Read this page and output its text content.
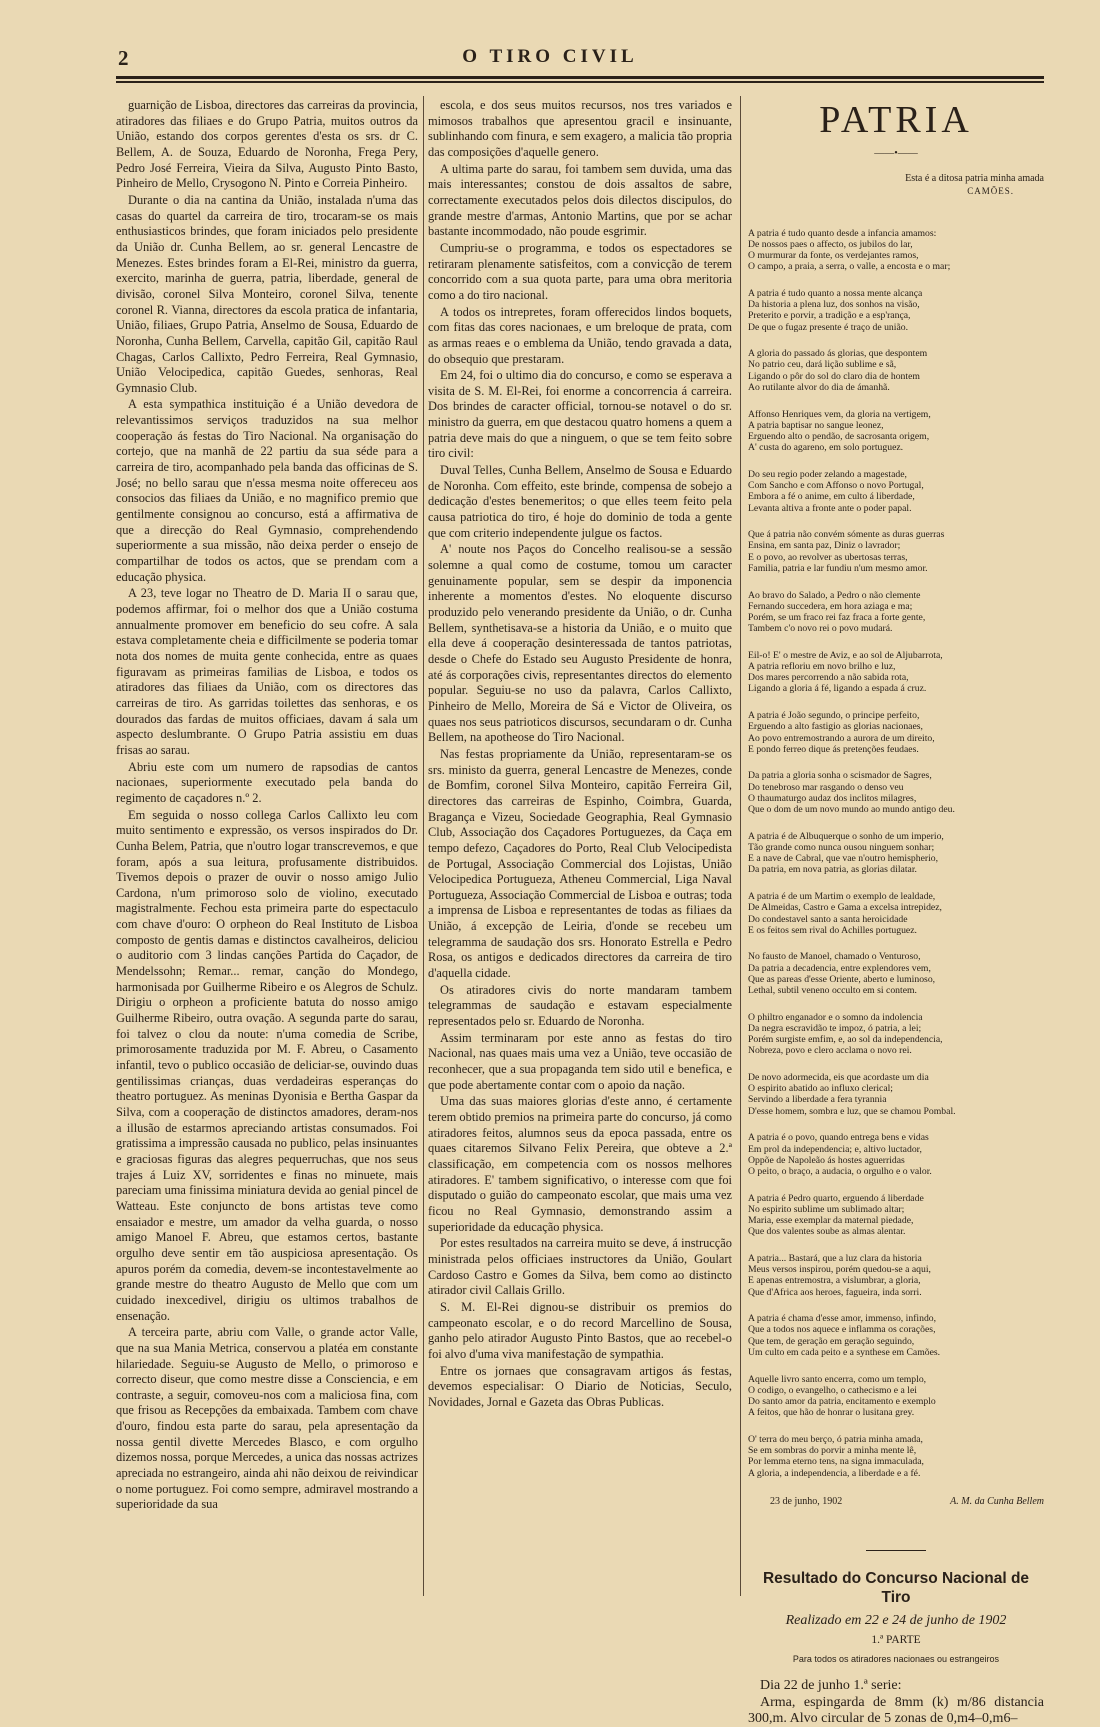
2	O TIRO CIVIL

guarnição de Lisboa, directores das carreiras da provincia, atiradores das filiaes e do Grupo Patria, muitos outros da União, estando dos corpos gerentes d'esta os srs. dr C. Bellem, A. de Souza, Eduardo de Noronha, Frega Pery, Pedro José Ferreira, Vieira da Silva, Augusto Pinto Basto, Pinheiro de Mello, Crysogono N. Pinto e Correia Pinheiro.

Durante o dia na cantina da União, instalada n'uma das casas do quartel da carreira de tiro, trocaram-se os mais enthusiasticos brindes, que foram iniciados pelo presidente da União dr. Cunha Bellem, ao sr. general Lencastre de Menezes. Estes brindes foram a El-Rei, ministro da guerra, exercito, marinha de guerra, patria, liberdade, general de divisão, coronel Silva Monteiro, coronel Silva, tenente coronel R. Vianna, directores da escola pratica de infantaria, União, filiaes, Grupo Patria, Anselmo de Sousa, Eduardo de Noronha, Cunha Bellem, Carvella, capitão Gil, capitão Raul Chagas, Carlos Callixto, Pedro Ferreira, Real Gymnasio, União Velocipedica, capitão Guedes, senhoras, Real Gymnasio Club.

A esta sympathica instituição é a União devedora de relevantissimos serviços traduzidos na sua melhor cooperação ás festas do Tiro Nacional. Na organisação do cortejo, que na manhã de 22 partiu da sua séde para a carreira de tiro, acompanhado pela banda das officinas de S. José; no bello sarau que n'essa mesma noite offereceu aos consocios das filiaes da União, e no magnifico premio que gentilmente consignou ao concurso, está a affirmativa de que a direcção do Real Gymnasio, comprehendendo superiormente a sua missão, não deixa perder o ensejo de compartilhar de todos os actos, que se prendam com a educação physica.

A 23, teve logar no Theatro de D. Maria II o sarau que, podemos affirmar, foi o melhor dos que a União costuma annualmente promover em beneficio do seu cofre. A sala estava completamente cheia e difficilmente se poderia tomar nota dos nomes de muita gente conhecida, entre as quaes figuravam as primeiras familias de Lisboa, e todos os atiradores das filiaes da União, com os directores das carreiras de tiro. As garridas toilettes das senhoras, e os dourados das fardas de muitos officiaes, davam á sala um aspecto deslumbrante. O Grupo Patria assistiu em duas frisas ao sarau.

Abriu este com um numero de rapsodias de cantos nacionaes, superiormente executado pela banda do regimento de caçadores n.º 2.

Em seguida o nosso collega Carlos Callixto leu com muito sentimento e expressão, os versos inspirados do Dr. Cunha Belem, Patria, que n'outro logar transcrevemos, e que foram, após a sua leitura, profusamente distribuidos. Tivemos depois o prazer de ouvir o nosso amigo Julio Cardona, n'um primoroso solo de violino, executado magistralmente. Fechou esta primeira parte do espectaculo com chave d'ouro: O orpheon do Real Instituto de Lisboa composto de gentis damas e distinctos cavalheiros, deliciou o auditorio com 3 lindas canções Partida do Caçador, de Mendelssohn; Remar... remar, canção do Mondego, harmonisada por Guilherme Ribeiro e os Alegros de Schulz. Dirigiu o orpheon a proficiente batuta do nosso amigo Guilherme Ribeiro, outra ovação. A segunda parte do sarau, foi talvez o clou da noute: n'uma comedia de Scribe, primorosamente traduzida por M. F. Abreu, o Casamento infantil, tevo o publico occasião de deliciar-se, ouvindo duas gentilissimas crianças, duas verdadeiras esperanças do theatro portuguez. As meninas Dyonisia e Bertha Gaspar da Silva, com a cooperação de distinctos amadores, deram-nos a illusão de estarmos apreciando artistas consumados. Foi gratissima a impressão causada no publico, pelas insinuantes e graciosas figuras das alegres pequerruchas, que nos seus trajes á Luiz XV, sorridentes e finas no minuete, mais pareciam uma finissima miniatura devida ao genial pincel de Watteau. Este conjuncto de bons artistas teve como ensaiador e mestre, um amador da velha guarda, o nosso amigo Manoel F. Abreu, que estamos certos, bastante orgulho deve sentir em tão auspiciosa apresentação. Os apuros porém da comedia, devem-se incontestavelmente ao grande mestre do theatro Augusto de Mello que com um cuidado inexcedivel, dirigiu os ultimos trabalhos de ensenação.

A terceira parte, abriu com Valle, o grande actor Valle, que na sua Mania Metrica, conservou a platéa em constante hilariedade. Seguiu-se Augusto de Mello, o primoroso e correcto diseur, que como mestre disse a Consciencia, e em contraste, a seguir, comoveu-nos com a maliciosa fina, com que frisou as Recepções da embaixada. Tambem com chave d'ouro, findou esta parte do sarau, pela apresentação da nossa gentil divette Mercedes Blasco, e com orgulho dizemos nossa, porque Mercedes, a unica das nossas actrizes apreciada no estrangeiro, ainda ahi não deixou de reivindicar o nome portuguez. Foi como sempre, admiravel mostrando a superioridade da sua

escola, e dos seus muitos recursos, nos tres variados e mimosos trabalhos que apresentou gracil e insinuante, sublinhando com finura, e sem exagero, a malicia tão propria das composições d'aquelle genero.

A ultima parte do sarau, foi tambem sem duvida, uma das mais interessantes; constou de dois assaltos de sabre, correctamente executados pelos dois dilectos discipulos, do grande mestre d'armas, Antonio Martins, que por se achar bastante incommodado, não poude esgrimir.

Cumpriu-se o programma, e todos os espectadores se retiraram plenamente satisfeitos, com a convicção de terem concorrido com a sua quota parte, para uma obra meritoria como a do tiro nacional.

A todos os intrepretes, foram offerecidos lindos boquets, com fitas das cores nacionaes, e um breloque de prata, com as armas reaes e o emblema da União, tendo gravada a data, do obsequio que prestaram.

Em 24, foi o ultimo dia do concurso, e como se esperava a visita de S. M. El-Rei, foi enorme a concorrencia á carreira. Dos brindes de caracter official, tornou-se notavel o do sr. ministro da guerra, em que destacou quatro homens a quem a patria deve mais do que a ninguem, o que se tem feito sobre tiro civil:

Duval Telles, Cunha Bellem, Anselmo de Sousa e Eduardo de Noronha. Com effeito, este brinde, compensa de sobejo a dedicação d'estes benemeritos; o que elles teem feito pela causa patriotica do tiro, é hoje do dominio de toda a gente que com criterio independente julgue os factos.

A' noute nos Paços do Concelho realisou-se a sessão solemne a qual como de costume, tomou um caracter genuinamente popular, sem se despir da imponencia inherente a momentos d'estes. No eloquente discurso produzido pelo venerando presidente da União, o dr. Cunha Bellem, synthetisava-se a historia da União, e o muito que ella deve á cooperação desinteressada de tantos patriotas, desde o Chefe do Estado seu Augusto Presidente de honra, até ás corporações civis, representantes directos do elemento popular. Seguiu-se no uso da palavra, Carlos Callixto, Pinheiro de Mello, Moreira de Sá e Victor de Oliveira, os quaes nos seus patrioticos discursos, secundaram o dr. Cunha Bellem, na apotheose do Tiro Nacional.

Nas festas propriamente da União, representaram-se os srs. ministo da guerra, general Lencastre de Menezes, conde de Bomfim, coronel Silva Monteiro, capitão Ferreira Gil, directores das carreiras de Espinho, Coimbra, Guarda, Bragança e Vizeu, Sociedade Geographia, Real Gymnasio Club, Associação dos Caçadores Portuguezes, da Caça em tempo defezo, Caçadores do Porto, Real Club Velocipedista de Portugal, Associação Commercial dos Lojistas, União Velocipedica Portugueza, Atheneu Commercial, Liga Naval Portugueza, Associação Commercial de Lisboa e outras; toda a imprensa de Lisboa e representantes de todas as filiaes da União, á excepção de Leiria, d'onde se recebeu um telegramma de saudação dos srs. Honorato Estrella e Pedro Rosa, os antigos e dedicados directores da carreira de tiro d'aquella cidade.

Os atiradores civis do norte mandaram tambem telegrammas de saudação e estavam especialmente representados pelo sr. Eduardo de Noronha.

Assim terminaram por este anno as festas do tiro Nacional, nas quaes mais uma vez a União, teve occasião de reconhecer, que a sua propaganda tem sido util e benefica, e que pode abertamente contar com o apoio da nação.

Uma das suas maiores glorias d'este anno, é certamente terem obtido premios na primeira parte do concurso, já como atiradores feitos, alumnos seus da epoca passada, entre os quaes citaremos Silvano Felix Pereira, que obteve a 2.ª classificação, em competencia com os nossos melhores atiradores. E' tambem significativo, o interesse com que foi disputado o guião do campeonato escolar, que mais uma vez ficou no Real Gymnasio, demonstrando assim a superioridade da educação physica.

Por estes resultados na carreira muito se deve, á instrucção ministrada pelos officiaes instructores da União, Goulart Cardoso Castro e Gomes da Silva, bem como ao distincto atirador civil Callais Grillo.

S. M. El-Rei dignou-se distribuir os premios do campeonato escolar, e o do record Marcellino de Sousa, ganho pelo atirador Augusto Pinto Bastos, que ao recebel-o foi alvo d'uma viva manifestação de sympathia.

Entre os jornaes que consagravam artigos ás festas, devemos especialisar: O Diario de Noticias, Seculo, Novidades, Jornal e Gazeta das Obras Publicas.

PATRIA
——•——
Esta é a ditosa patria minha amada
CAMÕES.
A patria é tudo quanto desde a infancia amamos:
De nossos paes o affecto, os jubilos do lar,
O murmurar da fonte, os verdejantes ramos,
O campo, a praia, a serra, o valle, a encosta e o mar;
A patria é tudo quanto a nossa mente alcança
Da historia a plena luz, dos sonhos na visão,
Preterito e porvir, a tradição e a esp'rança,
De que o fugaz presente é traço de união.
A gloria do passado ás glorias, que despontem
No patrio ceu, dará lição sublime e sã,
Ligando o pôr do sol do claro dia de hontem
Ao rutilante alvor do dia de ámanhã.
Affonso Henriques vem, da gloria na vertigem,
A patria baptisar no sangue leonez,
Erguendo alto o pendão, de sacrosanta origem,
A' custa do agareno, em solo portuguez.
Do seu regio poder zelando a magestade,
Com Sancho e com Affonso o novo Portugal,
Embora a fé o anime, em culto á liberdade,
Levanta altiva a fronte ante o poder papal.
Que á patria não convém sómente as duras guerras
Ensina, em santa paz, Diniz o lavrador;
E o povo, ao revolver as ubertosas terras,
Familia, patria e lar fundiu n'um mesmo amor.
Ao bravo do Salado, a Pedro o não clemente
Fernando succedera, em hora aziaga e ma;
Porém, se um fraco rei faz fraca a forte gente,
Tambem c'o novo rei o povo mudará.
Eil-o! E' o mestre de Aviz, e ao sol de Aljubarrota,
A patria refloriu em novo brilho e luz,
Dos mares percorrendo a não sabida rota,
Ligando a gloria á fé, ligando a espada á cruz.
A patria é João segundo, o principe perfeito,
Erguendo a alto fastigio as glorias nacionaes,
Ao povo entremostrando a aurora de um direito,
E pondo ferreo dique ás pretenções feudaes.
Da patria a gloria sonha o scismador de Sagres,
Do tenebroso mar rasgando o denso veu
O thaumaturgo audaz dos inclitos milagres,
Que o dom de um novo mundo ao mundo antigo deu.
A patria é de Albuquerque o sonho de um imperio,
Tão grande como nunca ousou ninguem sonhar;
E a nave de Cabral, que vae n'outro hemispherio,
Da patria, em nova patria, as glorias dilatar.
A patria é de um Martim o exemplo de lealdade,
De Almeidas, Castro e Gama a excelsa intrepidez,
Do condestavel santo a santa heroicidade
E os feitos sem rival do Achilles portuguez.
No fausto de Manoel, chamado o Venturoso,
Da patria a decadencia, entre explendores vem,
Que as pareas d'esse Oriente, aberto e luminoso,
Lethal, subtil veneno occulto em si contem.
O philtro enganador e o somno da indolencia
Da negra escravidão te impoz, ó patria, a lei;
Porém surgiste emfim, e, ao sol da independencia,
Nobreza, povo e clero acclama o novo rei.
De novo adormecida, eis que acordaste um dia
O espirito abatido ao influxo clerical;
Servindo a liberdade a fera tyrannia
D'esse homem, sombra e luz, que se chamou Pombal.
A patria é o povo, quando entrega bens e vidas
Em prol da independencia; e, altivo luctador,
Oppõe de Napoleão ás hostes aguerridas
O peito, o braço, a audacia, o orgulho e o valor.
A patria é Pedro quarto, erguendo á liberdade
No espirito sublime um sublimado altar;
Maria, esse exemplar da maternal piedade,
Que dos valentes soube as almas alentar.
A patria... Bastará, que a luz clara da historia
Meus versos inspirou, porém quedou-se a aqui,
E apenas entremostra, a vislumbrar, a gloria,
Que d'Africa aos heroes, fagueira, inda sorri.
A patria é chama d'esse amor, immenso, infindo,
Que a todos nos aquece e inflamma os corações,
Que tem, de geração em geração seguindo,
Um culto em cada peito e a synthese em Camões.
Aquelle livro santo encerra, como um templo,
O codigo, o evangelho, o cathecismo e a lei
Do santo amor da patria, encitamento e exemplo
A feitos, que hão de honrar o lusitana grey.
O' terra do meu berço, ó patria minha amada,
Se em sombras do porvir a minha mente lê,
Por lemma eterno tens, na signa immaculada,
A gloria, a independencia, a liberdade e a fé.
23 de junho, 1902	A. M. da Cunha Bellem
Resultado do Concurso Nacional de Tiro
Realizado em 22 e 24 de junho de 1902
1.ª PARTE
Para todos os atiradores nacionaes ou estrangeiros

Dia 22 de junho 1.ª serie:

Arma, espingarda de 8mm (k) m/86 distancia 300,m. Alvo circular de 5 zonas de 0,m4–0,m6–
